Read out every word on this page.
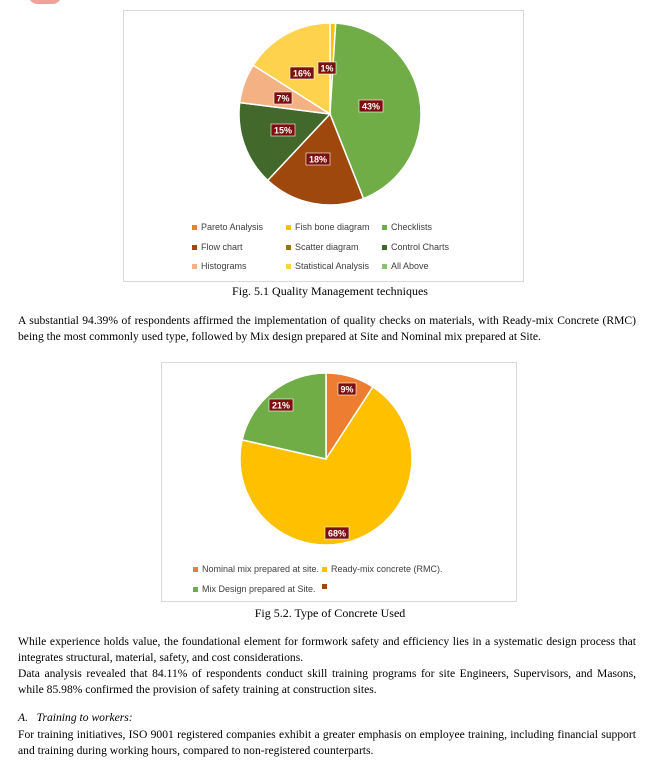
1%
43%
18%
15%
7%
16%
Pareto Analysis	Fish bone diagram Checklists
Flow chart	Scatter diagram	Control Charts
Histograms	Statistical Analysis All Above
Fig. 5.1 Quality Management techniques

A substantial 94.39% of respondents affirmed the implementation of quality checks on materials, with Ready-mix Concrete (RMC) being the most commonly used type, followed by Mix design prepared at Site and Nominal mix prepared at Site.

9%
68%
21%
Nominal mix prepared at site. Ready-mix concrete (RMC).
Mix Design prepared at Site.
Fig 5.2. Type of Concrete Used

While experience holds value, the foundational element for formwork safety and efficiency lies in a systematic design process that integrates structural, material, safety, and cost considerations.

Data analysis revealed that 84.11% of respondents conduct skill training programs for site Engineers, Supervisors, and Masons, while 85.98% confirmed the provision of safety training at construction sites.

A.   Training to workers:

For training initiatives, ISO 9001 registered companies exhibit a greater emphasis on employee training, including financial support and training during working hours, compared to non-registered counterparts.
